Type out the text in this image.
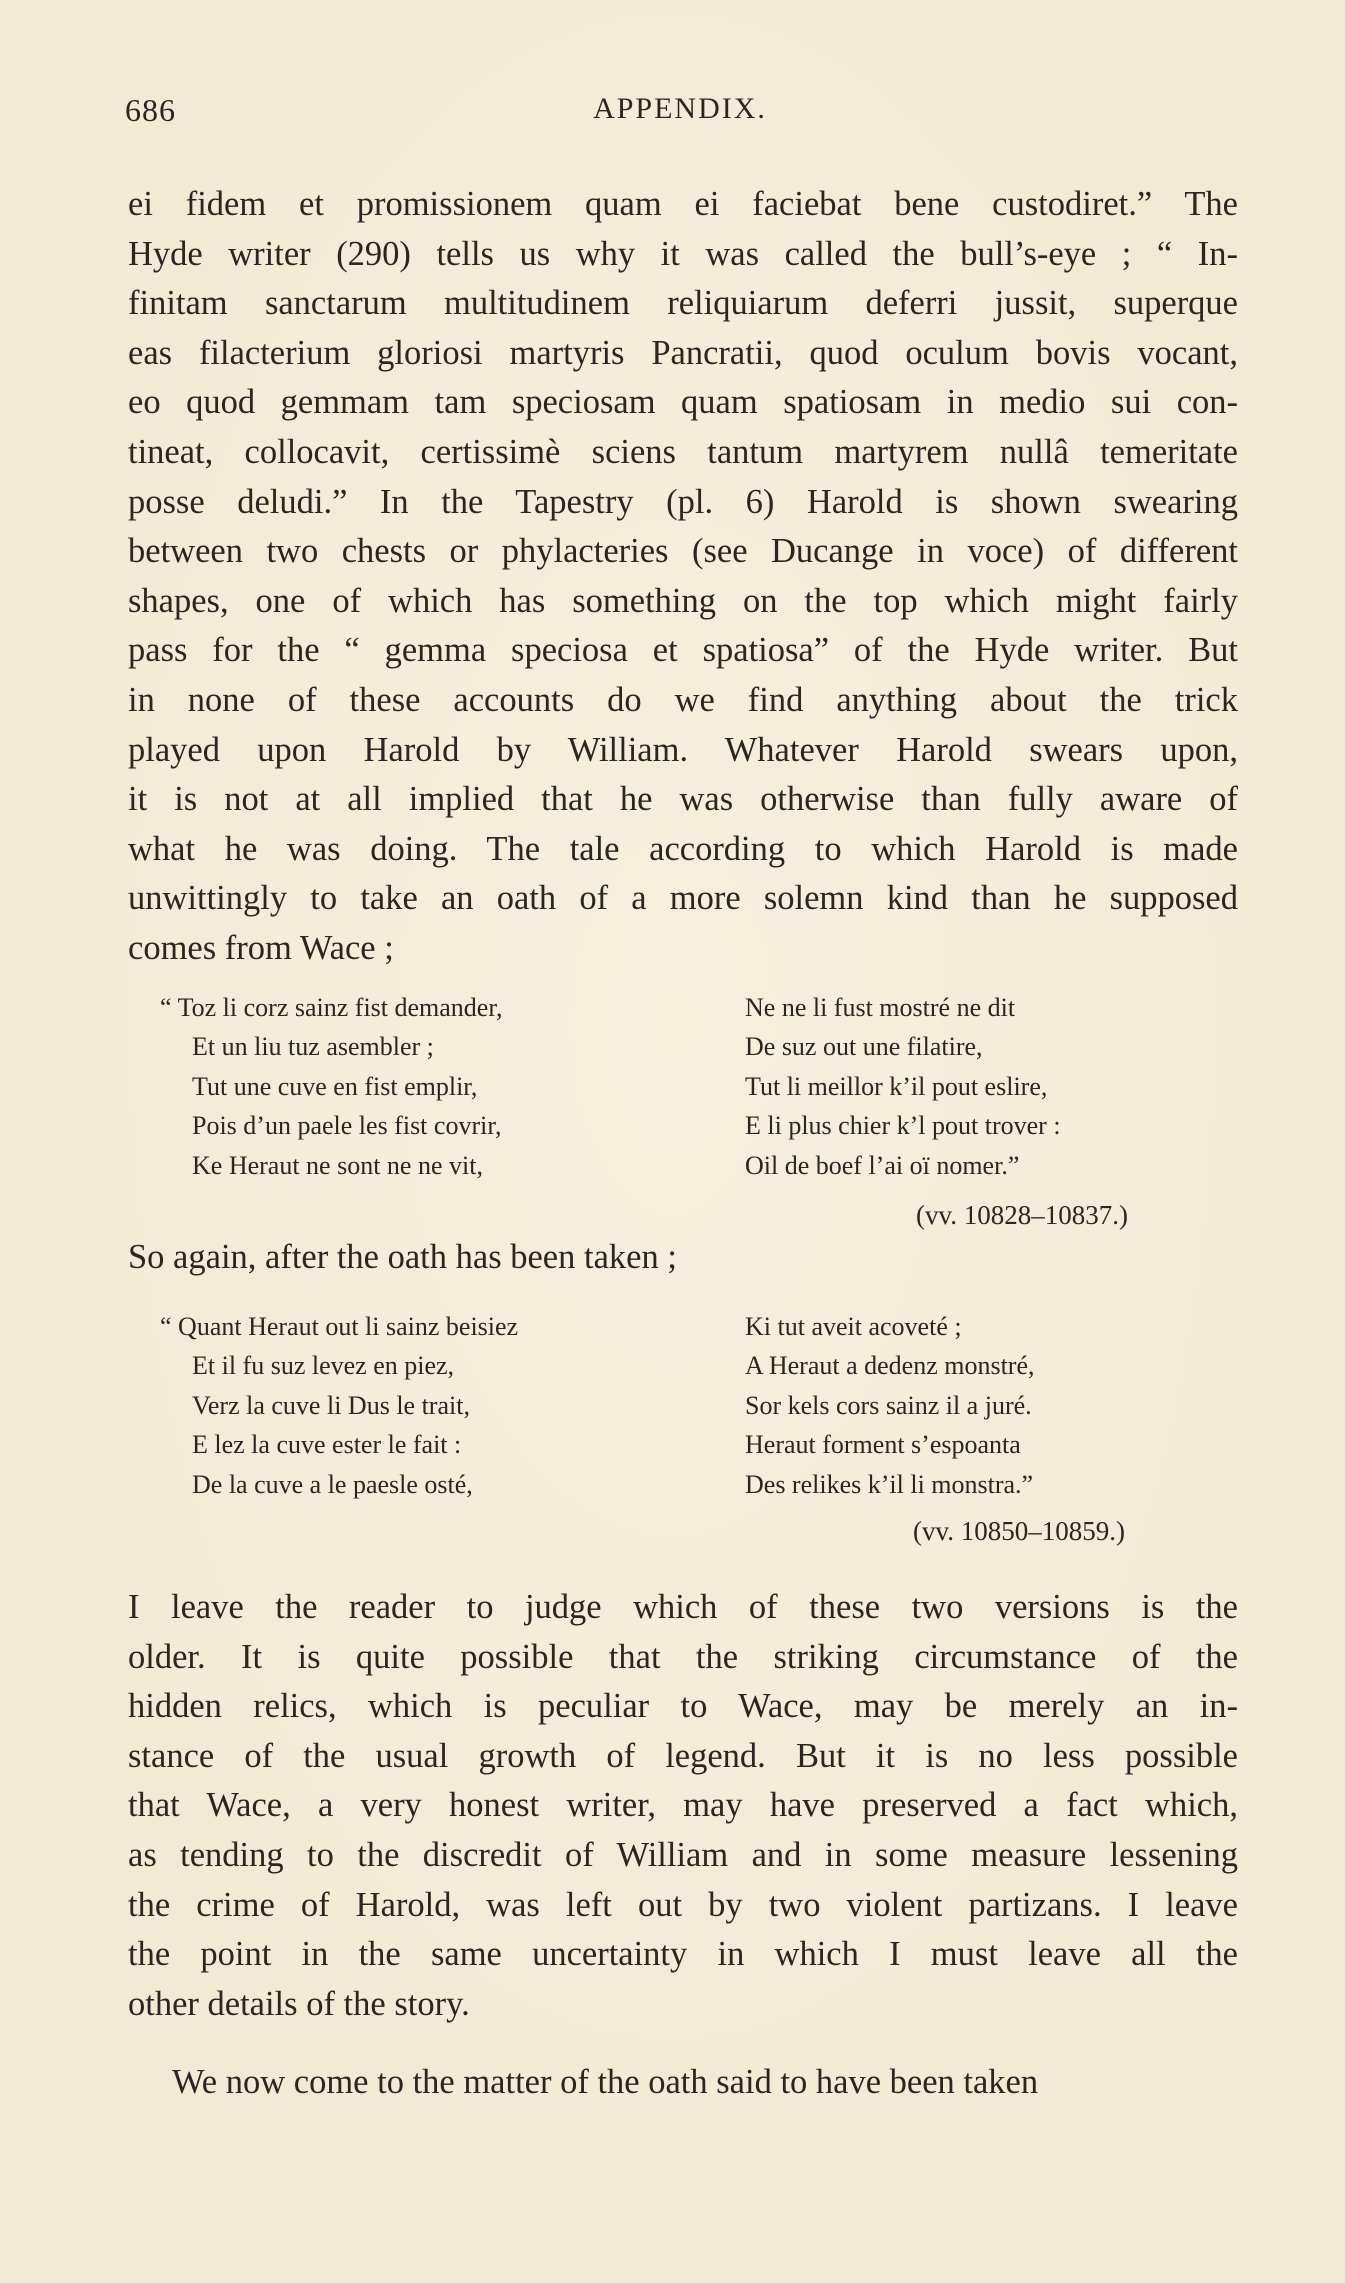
686	APPENDIX.
ei fidem et promissionem quam ei faciebat bene custodiret.” The
Hyde writer (290) tells us why it was called the bull’s-eye ; “ In-
finitam sanctarum multitudinem reliquiarum deferri jussit, superque
eas filacterium gloriosi martyris Pancratii, quod oculum bovis vocant,
eo quod gemmam tam speciosam quam spatiosam in medio sui con-
tineat, collocavit, certissimè sciens tantum martyrem nullâ temeritate
posse deludi.” In the Tapestry (pl. 6) Harold is shown swearing
between two chests or phylacteries (see Ducange in voce) of different
shapes, one of which has something on the top which might fairly
pass for the “ gemma speciosa et spatiosa” of the Hyde writer. But
in none of these accounts do we find anything about the trick
played upon Harold by William. Whatever Harold swears upon,
it is not at all implied that he was otherwise than fully aware of
what he was doing. The tale according to which Harold is made
unwittingly to take an oath of a more solemn kind than he supposed
comes from Wace ;
“ Toz li corz sainz fist demander,
Et un liu tuz asembler ;
Tut une cuve en fist emplir,
Pois d’un paele les fist covrir,
Ke Heraut ne sont ne ne vit,
Ne ne li fust mostré ne dit
De suz out une filatire,
Tut li meillor k’il pout eslire,
E li plus chier k’l pout trover :
Oil de boef l’ai oï nomer.”
(vv. 10828–10837.)
So again, after the oath has been taken ;
“ Quant Heraut out li sainz beisiez
Et il fu suz levez en piez,
Verz la cuve li Dus le trait,
E lez la cuve ester le fait :
De la cuve a le paesle osté,
Ki tut aveit acoveté ;
A Heraut a dedenz monstré,
Sor kels cors sainz il a juré.
Heraut forment s’espoanta
Des relikes k’il li monstra.”
(vv. 10850–10859.)
I leave the reader to judge which of these two versions is the
older. It is quite possible that the striking circumstance of the
hidden relics, which is peculiar to Wace, may be merely an in-
stance of the usual growth of legend. But it is no less possible
that Wace, a very honest writer, may have preserved a fact which,
as tending to the discredit of William and in some measure lessening
the crime of Harold, was left out by two violent partizans. I leave
the point in the same uncertainty in which I must leave all the
other details of the story.
We now come to the matter of the oath said to have been taken
